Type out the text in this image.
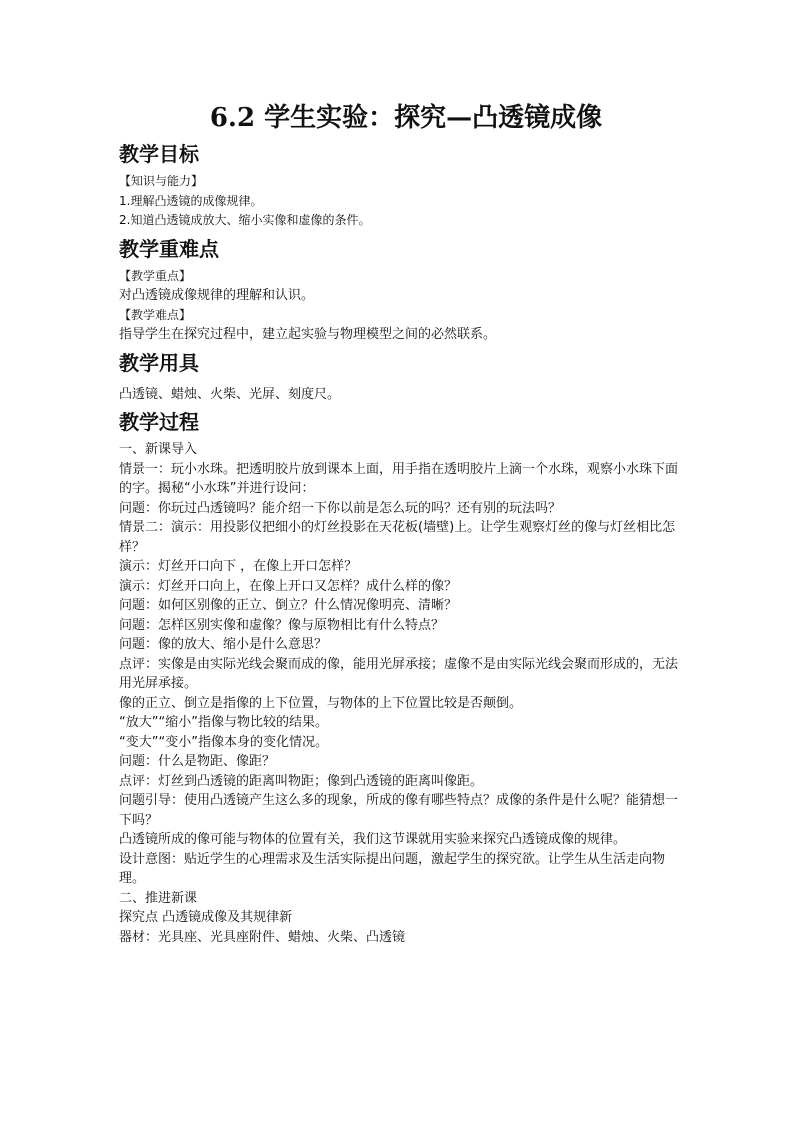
6.2 学生实验：探究—凸透镜成像
教学目标

【知识与能力】

1.理解凸透镜的成像规律。

2.知道凸透镜成放大、缩小实像和虚像的条件。

教学重难点

【教学重点】

对凸透镜成像规律的理解和认识。

【教学难点】

指导学生在探究过程中，建立起实验与物理模型之间的必然联系。

教学用具

凸透镜、蜡烛、火柴、光屏、刻度尺。

教学过程

一、新课导入

情景一：玩小水珠。把透明胶片放到课本上面，用手指在透明胶片上滴一个水珠，观察小水珠下面的字。揭秘“小水珠”并进行设问：

问题：你玩过凸透镜吗？能介绍一下你以前是怎么玩的吗？还有别的玩法吗？

情景二：演示：用投影仪把细小的灯丝投影在天花板(墙壁)上。让学生观察灯丝的像与灯丝相比怎样？

演示：灯丝开口向下 ，在像上开口怎样？

演示：灯丝开口向上，在像上开口又怎样？成什么样的像？

问题：如何区别像的正立、倒立？什么情况像明亮、清晰？

问题：怎样区别实像和虚像？像与原物相比有什么特点？

问题：像的放大、缩小是什么意思？

点评：实像是由实际光线会聚而成的像，能用光屏承接；虚像不是由实际光线会聚而形成的，无法用光屏承接。

像的正立、倒立是指像的上下位置，与物体的上下位置比较是否颠倒。

“放大”“缩小”指像与物比较的结果。

“变大”“变小”指像本身的变化情况。

问题：什么是物距、像距？

点评：灯丝到凸透镜的距离叫物距；像到凸透镜的距离叫像距。

问题引导：使用凸透镜产生这么多的现象，所成的像有哪些特点？成像的条件是什么呢？能猜想一下吗？

凸透镜所成的像可能与物体的位置有关，我们这节课就用实验来探究凸透镜成像的规律。

设计意图：贴近学生的心理需求及生活实际提出问题，激起学生的探究欲。让学生从生活走向物理。

二、推进新课

探究点 凸透镜成像及其规律新

器材：光具座、光具座附件、蜡烛、火柴、凸透镜
